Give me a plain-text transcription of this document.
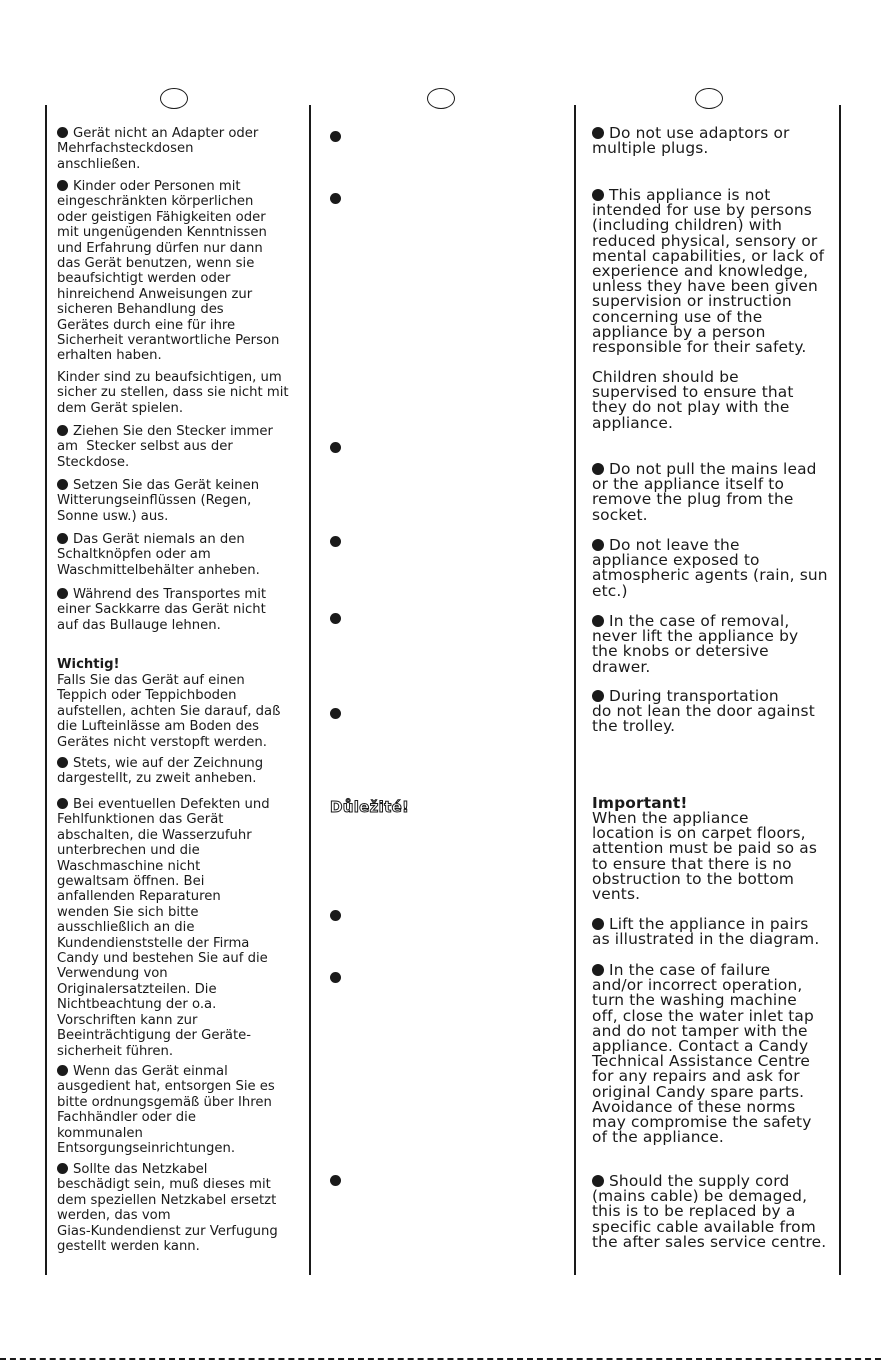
Gerät nicht an Adapter oder
Mehrfachsteckdosen
anschließen.

Kinder oder Personen mit
eingeschränkten körperlichen
oder geistigen Fähigkeiten oder
mit ungenügenden Kenntnissen
und Erfahrung dürfen nur dann
das Gerät benutzen, wenn sie
beaufsichtigt werden oder
hinreichend Anweisungen zur
sicheren Behandlung des
Gerätes durch eine für ihre
Sicherheit verantwortliche Person
erhalten haben.

Kinder sind zu beaufsichtigen, um
sicher zu stellen, dass sie nicht mit
dem Gerät spielen.

Ziehen Sie den Stecker immer
am  Stecker selbst aus der
Steckdose.

Setzen Sie das Gerät keinen
Witterungseinflüssen (Regen,
Sonne usw.) aus.

Das Gerät niemals an den
Schaltknöpfen oder am
Waschmittelbehälter anheben.

Während des Transportes mit
einer Sackkarre das Gerät nicht
auf das Bullauge lehnen.

Wichtig!

Falls Sie das Gerät auf einen
Teppich oder Teppichboden
aufstellen, achten Sie darauf, daß
die Lufteinlässe am Boden des
Gerätes nicht verstopft werden.

Stets, wie auf der Zeichnung
dargestellt, zu zweit anheben.

Bei eventuellen Defekten und
Fehlfunktionen das Gerät
abschalten, die Wasserzufuhr
unterbrechen und die
Waschmaschine nicht
gewaltsam öffnen. Bei
anfallenden Reparaturen
wenden Sie sich bitte
ausschließlich an die
Kundendienststelle der Firma
Candy und bestehen Sie auf die
Verwendung von
Originalersatzteilen. Die
Nichtbeachtung der o.a.
Vorschriften kann zur
Beeinträchtigung der Geräte-
sicherheit führen.

Wenn das Gerät einmal
ausgedient hat, entsorgen Sie es
bitte ordnungsgemäß über Ihren
Fachhändler oder die
kommunalen
Entsorgungseinrichtungen.

Sollte das Netzkabel
beschädigt sein, muß dieses mit
dem speziellen Netzkabel ersetzt
werden, das vom
Gias-Kundendienst zur Verfugung
gestellt werden kann.

Důležité!

Do not use adaptors or
multiple plugs.

This appliance is not
intended for use by persons
(including children) with
reduced physical, sensory or
mental capabilities, or lack of
experience and knowledge,
unless they have been given
supervision or instruction
concerning use of the
appliance by a person
responsible for their safety.

Children should be
supervised to ensure that
they do not play with the
appliance.

Do not pull the mains lead
or the appliance itself to
remove the plug from the
socket.

Do not leave the
appliance exposed to
atmospheric agents (rain, sun
etc.)

In the case of removal,
never lift the appliance by
the knobs or detersive
drawer.

During transportation
do not lean the door against
the trolley.

Important!

When the appliance
location is on carpet floors,
attention must be paid so as
to ensure that there is no
obstruction to the bottom
vents.

Lift the appliance in pairs
as illustrated in the diagram.

In the case of failure
and/or incorrect operation,
turn the washing machine
off, close the water inlet tap
and do not tamper with the
appliance. Contact a Candy
Technical Assistance Centre
for any repairs and ask for
original Candy spare parts.
Avoidance of these norms
may compromise the safety
of the appliance.

Should the supply cord
(mains cable) be demaged,
this is to be replaced by a
specific cable available from
the after sales service centre.
